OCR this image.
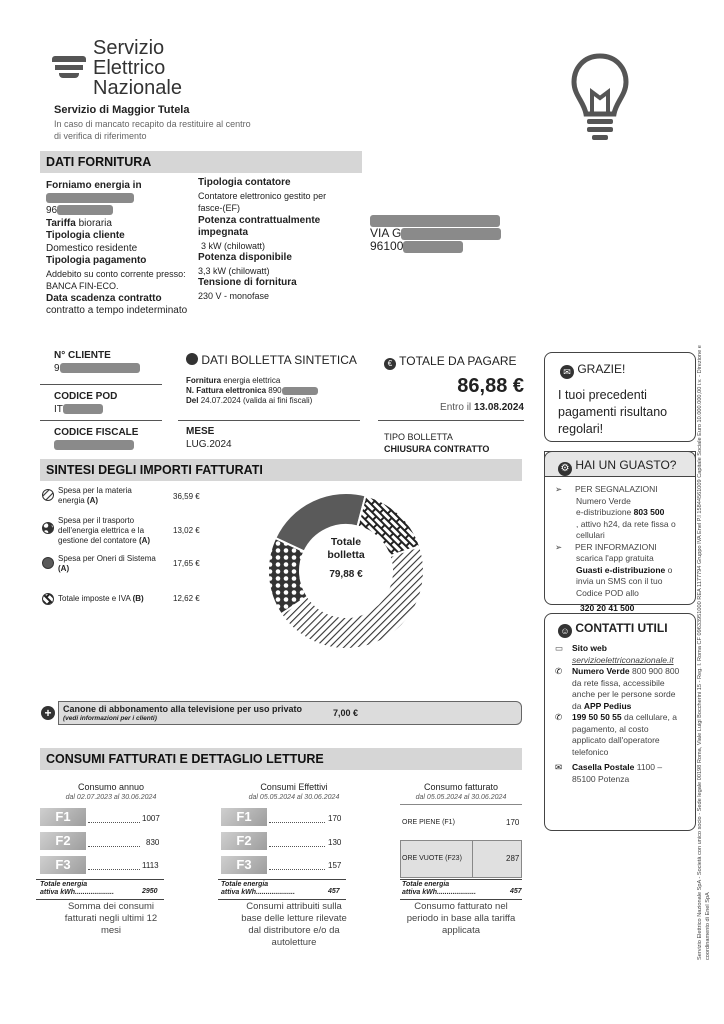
Servizio
Elettrico
Nazionale
Servizio di Maggior Tutela
In caso di mancato recapito da restituire al centro
di verifica di riferimento
DATI FORNITURA
Forniamo energia in
96
Tariffa bioraria
Tipologia cliente
Domestico residente
Tipologia pagamento
Addebito su conto corrente presso:
BANCA FIN-ECO.
Data scadenza contratto
contratto a tempo indeterminato
Tipologia contatore
Contatore elettronico gestito per
fasce-(EF)
Potenza contrattualmente
impegnata
3 kW (chilowatt)
Potenza disponibile
3,3 kW (chilowatt)
Tensione di fornitura
230 V - monofase
VIA G
96100
N° CLIENTE
9
CODICE POD
IT
CODICE FISCALE
DATI BOLLETTA SINTETICA
Fornitura energia elettrica
N. Fattura elettronica 890
Del 24.07.2024 (valida ai fini fiscali)
MESE
LUG.2024
€ TOTALE DA PAGARE
86,88 €
Entro il 13.08.2024
TIPO BOLLETTA
CHIUSURA CONTRATTO
SINTESI DEGLI IMPORTI FATTURATI
Spesa per la materia
energia (A)	36,59 €
Spesa per il trasporto
dell'energia elettrica e la
gestione del contatore (A)
13,02 €
Spesa per Oneri di Sistema
(A)
17,65 €
Totale imposte e IVA (B)	12,62 €
Totale
bolletta
79,88 €
+	Canone di abbonamento alla televisione per uso privato
(vedi informazioni per i clienti)
7,00 €
CONSUMI FATTURATI E DETTAGLIO LETTURE
Consumo annuo
dal 02.07.2023 al 30.06.2024
F1	1007
F2	830
F3	1113
Totale energia
attiva kWh....................	2950
Somma dei consumi
fatturati negli ultimi 12
mesi
Consumi Effettivi
dal 05.05.2024 al 30.06.2024
F1	170
F2	130
F3	157
Totale energia
attiva kWh....................	457
Consumi attribuiti sulla
base delle letture rilevate
dal distributore e/o da
autoletture
Consumo fatturato
dal 05.05.2024 al 30.06.2024
ORE PIENE (F1)	170
ORE VUOTE (F23)	287
Totale energia
attiva kWh....................	457
Consumo fatturato nel
periodo in base alla tariffa
applicata
✉ GRAZIE!
I tuoi precedenti
pagamenti risultano
regolari!
⚙ HAI UN GUASTO?
➢ PER SEGNALAZIONI
Numero Verde
e-distribuzione 803 500
, attivo h24, da rete fissa o
cellulari
➢ PER INFORMAZIONI
scarica l'app gratuita
Guasti e-distribuzione o
invia un SMS con il tuo
Codice POD allo
320 20 41 500
☺ CONTATTI UTILI
▭ Sito web
servizioelettriconazionale.it
✆ Numero Verde 800 900 800
da rete fissa, accessibile
anche per le persone sorde
da APP Pedius
✆ 199 50 50 55 da cellulare, a
pagamento, al costo
applicato dall'operatore
telefonico
✉ Casella Postale 1100 –
85100 Potenza	Servizio Elettrico Nazionale SpA - Società con unico socio - Sede legale 00198 Roma, Viale Luigi Boccherini 15 - Reg. I. Roma CF 09633951000 REA 1177794 Gruppo IVA Enel P.I 15844561009 Capitale Sociale Euro 10.000.000,00 i.v. - Direzione e coordinamento di Enel SpA
